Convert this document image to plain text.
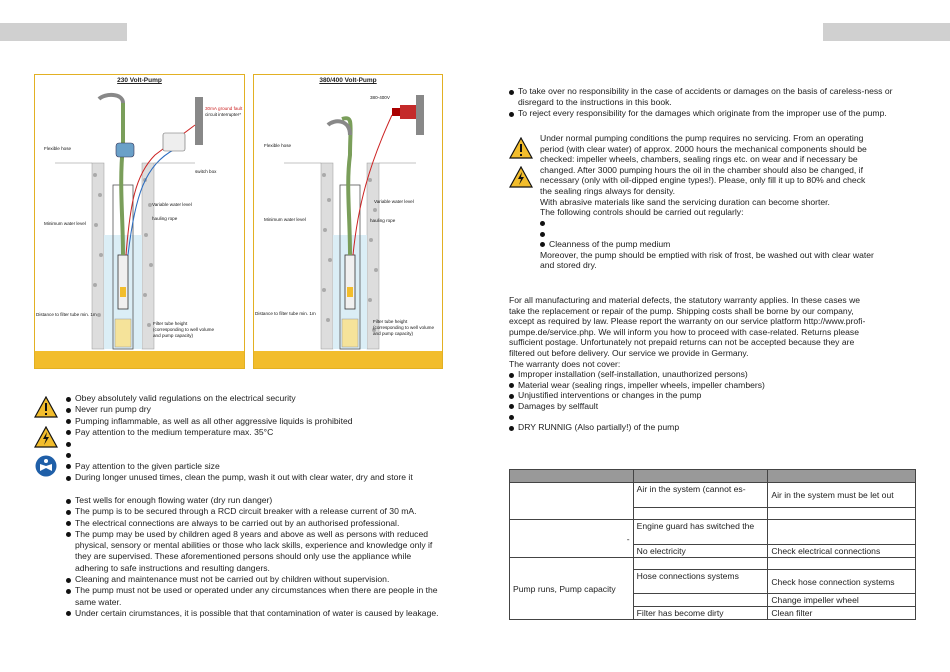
230 Volt-Pump
30mA ground fault
circuit interrupter*
Flexible hose
switch box
Variable water level
hauling rope
Minimum water level
Distance to filter tube min. 1m
Filter tube height
(corresponding to well volume
and pump capacity)
380/400 Volt-Pump
380-400V
Flexible hose
Variable water level
hauling rope
Minimum water level
Distance to filter tube min. 1m
Filter tube height
(corresponding to well volume
and pump capacity)
Obey absolutely valid regulations on the electrical security
Never run pump dry
Pumping inflammable, as well as all other aggressive liquids is prohibited
Pay attention to the medium temperature max. 35°C
Pay attention to the given particle size
During longer unused times, clean the pump, wash it out with clear water, dry and store it
Test wells for enough flowing water (dry run danger)
The pump is to be secured through a RCD circuit breaker with a release current of 30 mA.
The electrical connections are always to be carried out by an authorised professional.
The pump may be used by children aged 8 years and above as well as persons with reduced physical, sensory or mental abilities or those who lack skills, experience and knowledge only if they are supervised. These aforementioned persons should only use the appliance while adhering to safe instructions and resulting dangers.
Cleaning and maintenance must not be carried out by children without supervision.
The pump must not be used or operated under any circumstances when there are people in the same water.
Under certain cirumstances, it is possible that that contamination of water is caused by leakage.
To take over no responsibility in the case of accidents or damages on the basis of careless-ness or disregard to the instructions in this book.
To reject every responsibility for the damages which originate from the improper use of the pump.
Under normal pumping conditions the pump requires no servicing. From an operating
period (with clear water) of approx. 2000 hours the mechanical components should be
checked: impeller wheels, chambers, sealing rings etc. on wear and if necessary be
changed. After 3000 pumping hours the oil in the chamber should also be changed, if
necessary (only with oil-dipped engine types!). Please, only fill it up to 80% and check
the sealing rings always for density.
With abrasive materials like sand the servicing duration can become shorter.
The following controls should be carried out regularly:
Cleanness of the pump medium
Moreover, the pump should be emptied with risk of frost, be washed out with clear water
and stored dry.
For all manufacturing and material defects, the statutory warranty applies. In these cases we
take the replacement or repair of the pump. Shipping costs shall be borne by our company,
except as required by law. Please report the warranty on our service platform http://www.profi-
pumpe.de/service.php. We will inform you how to proceed with case-related. Returns please
sufficient postage. Unfortunately not prepaid returns can not be accepted because they are
filtered out before delivery. Our service we provide in Germany.
The warranty does not cover:
Improper installation (self-installation, unauthorized persons)
Material wear (sealing rings, impeller wheels, impeller chambers)
Unjustified interventions or changes in the pump
Damages by selffault
DRY RUNNIG (Also partially!) of the pump

	Air in the system (cannot es-	Air in the system must be let out

-	Engine guard has switched the	
	No electricity	Check electrical connections
Pump runs, Pump capacity		
	Hose connections systems	Check hose connection systems
		Change impeller wheel
	Filter has become dirty	Clean filter
